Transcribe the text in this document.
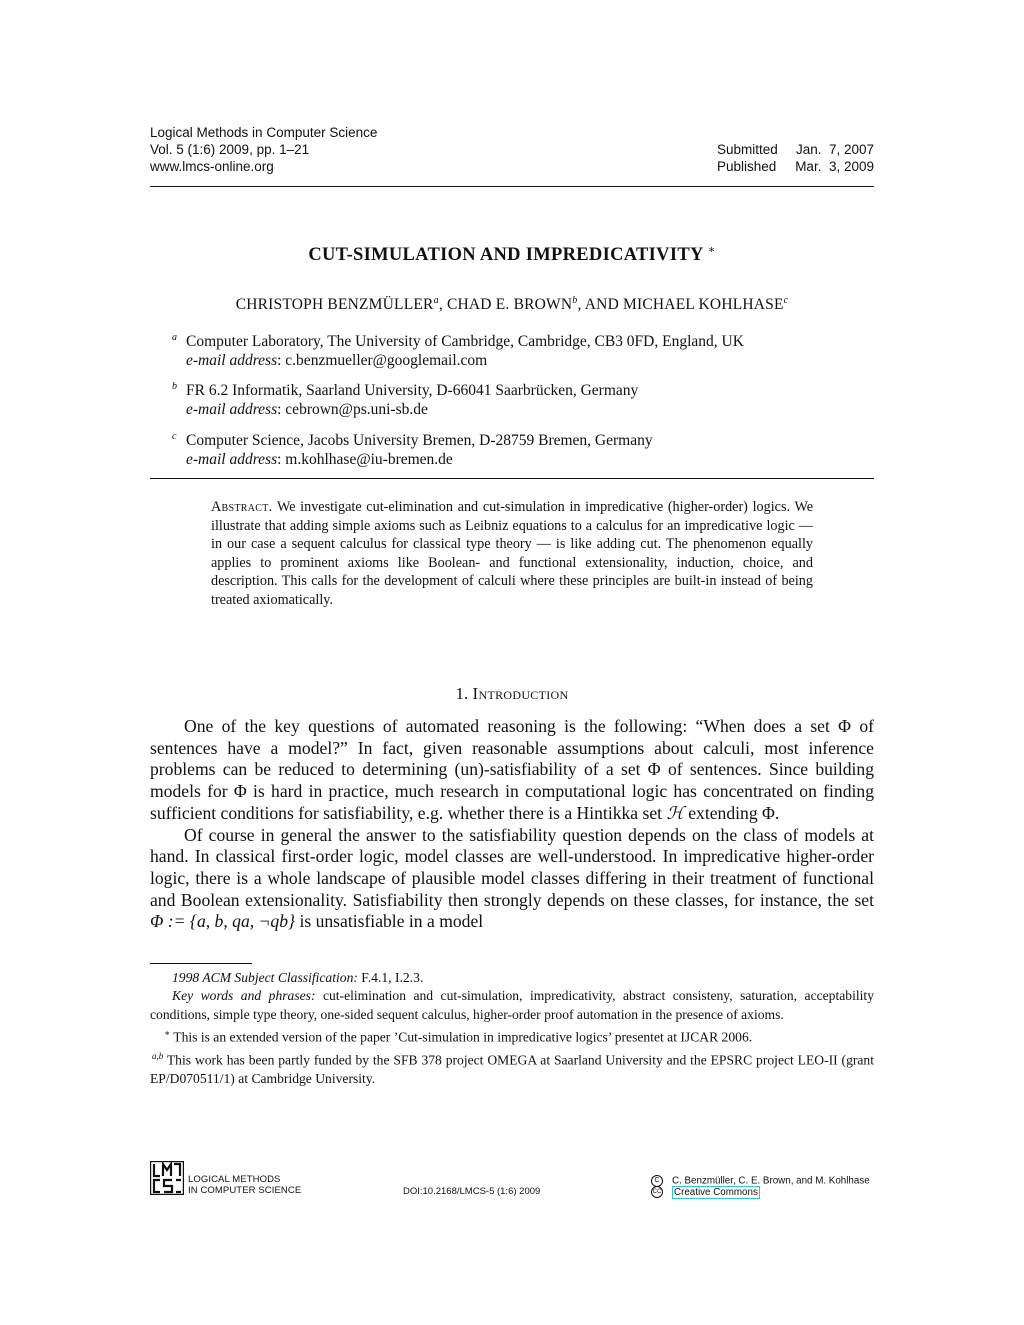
Logical Methods in Computer Science
Vol. 5 (1:6) 2009, pp. 1–21
www.lmcs-online.org
Submitted Jan.  7, 2007
Published Mar.  3, 2009
CUT-SIMULATION AND IMPREDICATIVITY ∗
CHRISTOPH BENZMÜLLER$^a$, CHAD E. BROWN$^b$, AND MICHAEL KOHLHASE$^c$
a Computer Laboratory, The University of Cambridge, Cambridge, CB3 0FD, England, UK
e-mail address: c.benzmueller@googlemail.com
b FR 6.2 Informatik, Saarland University, D-66041 Saarbrücken, Germany
e-mail address: cebrown@ps.uni-sb.de
c Computer Science, Jacobs University Bremen, D-28759 Bremen, Germany
e-mail address: m.kohlhase@iu-bremen.de
Abstract. We investigate cut-elimination and cut-simulation in impredicative (higher-order) logics. We illustrate that adding simple axioms such as Leibniz equations to a calculus for an impredicative logic — in our case a sequent calculus for classical type theory — is like adding cut. The phenomenon equally applies to prominent axioms like Boolean- and functional extensionality, induction, choice, and description. This calls for the development of calculi where these principles are built-in instead of being treated axiomatically.
1. Introduction

One of the key questions of automated reasoning is the following: “When does a set Φ of sentences have a model?” In fact, given reasonable assumptions about calculi, most inference problems can be reduced to determining (un)-satisfiability of a set Φ of sentences. Since building models for Φ is hard in practice, much research in computational logic has concentrated on finding sufficient conditions for satisfiability, e.g. whether there is a Hintikka set ℋ extending Φ.

Of course in general the answer to the satisfiability question depends on the class of models at hand. In classical first-order logic, model classes are well-understood. In impredicative higher-order logic, there is a whole landscape of plausible model classes differing in their treatment of functional and Boolean extensionality. Satisfiability then strongly depends on these classes, for instance, the set Φ := {a, b, qa, ¬qb} is unsatisfiable in a model

1998 ACM Subject Classification: F.4.1, I.2.3.
Key words and phrases: cut-elimination and cut-simulation, impredicativity, abstract consisteny, saturation, acceptability conditions, simple type theory, one-sided sequent calculus, higher-order proof automation in the presence of axioms.
∗ This is an extended version of the paper ’Cut-simulation in impredicative logics’ presentet at IJCAR 2006.
$^{a,b}$ This work has been partly funded by the SFB 378 project OMEGA at Saarland University and the EPSRC project LEO-II (grant EP/D070511/1) at Cambridge University.
LOGICAL METHODS
IN COMPUTER SCIENCE	DOI:10.2168/LMCS-5 (1:6) 2009
C C. Benzmüller, C. E. Brown, and M. Kohlhase
CC Creative Commons
